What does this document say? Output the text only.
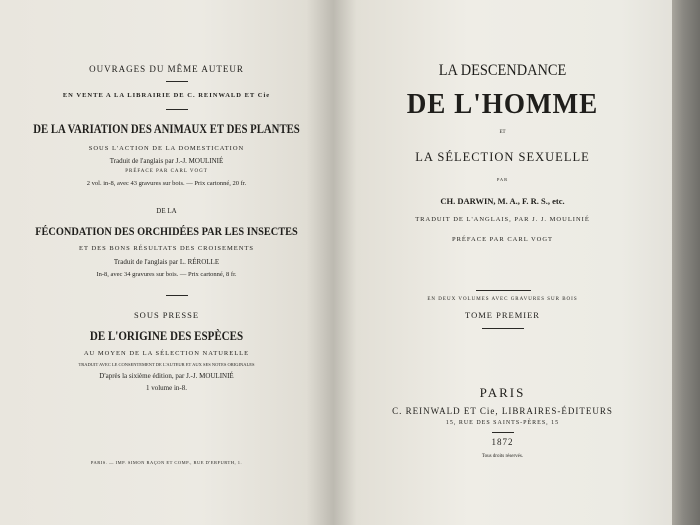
OUVRAGES DU MÊME AUTEUR
EN VENTE A LA LIBRAIRIE DE C. REINWALD ET Cie
DE LA VARIATION DES ANIMAUX ET DES PLANTES
SOUS L'ACTION DE LA DOMESTICATION
Traduit de l'anglais par J.-J. MOULINIÉ
PRÉFACE PAR CARL VOGT
2 vol. in-8, avec 43 gravures sur bois. — Prix cartonné, 20 fr.
DE LA
FÉCONDATION DES ORCHIDÉES PAR LES INSECTES
ET DES BONS RÉSULTATS DES CROISEMENTS
Traduit de l'anglais par L. RÉROLLE
In-8, avec 34 gravures sur bois. — Prix cartonné, 8 fr.
SOUS PRESSE
DE L'ORIGINE DES ESPÈCES
AU MOYEN DE LA SÉLECTION NATURELLE
TRADUIT AVEC LE CONSENTEMENT DE L'AUTEUR ET AUX SES NOTES ORIGINALES
D'après la sixième édition, par J.-J. MOULINIÉ
1 volume in-8.
PARIS. — IMP. SIMON RAÇON ET COMP., RUE D'ERFURTH, 1.
LA DESCENDANCE
DE L'HOMME
ET
LA SÉLECTION SEXUELLE
PAR
CH. DARWIN, M. A., F. R. S., etc.
TRADUIT DE L'ANGLAIS, PAR J. J. MOULINIÉ
PRÉFACE PAR CARL VOGT
EN DEUX VOLUMES AVEC GRAVURES SUR BOIS
TOME PREMIER
PARIS
C. REINWALD ET Cie, LIBRAIRES-ÉDITEURS
15, RUE DES SAINTS-PÈRES, 15
1872
Tous droits réservés.
